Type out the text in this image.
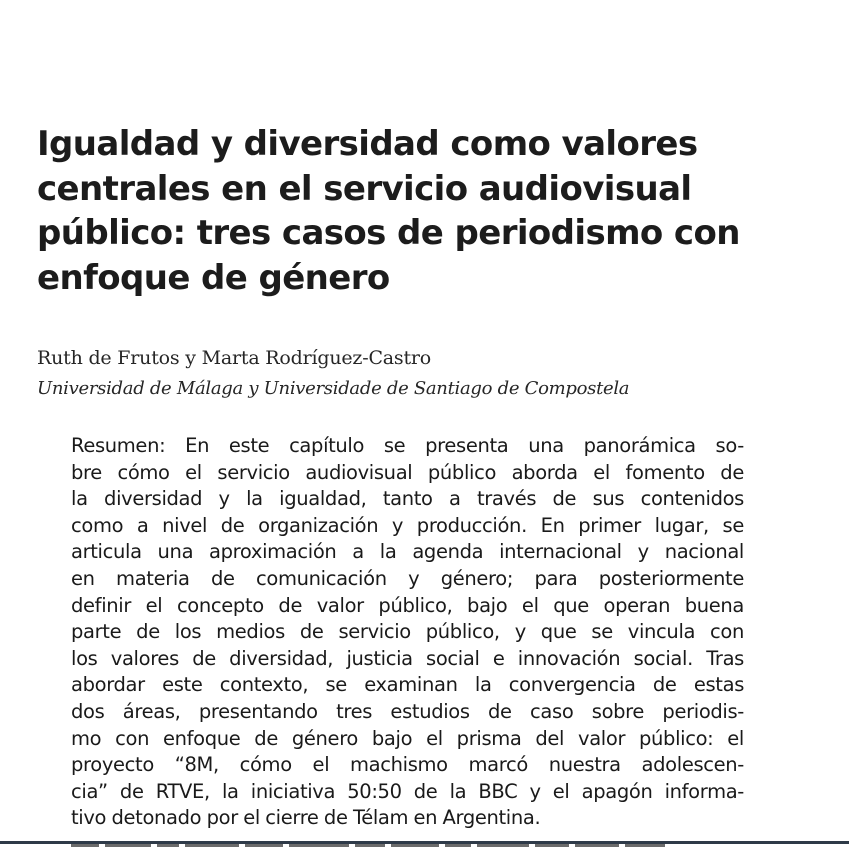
Igualdad y diversidad como valores
centrales en el servicio audiovisual
público: tres casos de periodismo con
enfoque de género

Ruth de Frutos y Marta Rodríguez-Castro

Universidad de Málaga y Universidade de Santiago de Compostela

Resumen: En este capítulo se presenta una panorámica so-
bre cómo el servicio audiovisual público aborda el fomento de
la diversidad y la igualdad, tanto a través de sus contenidos
como a nivel de organización y producción. En primer lugar, se
articula una aproximación a la agenda internacional y nacional
en materia de comunicación y género; para posteriormente
definir el concepto de valor público, bajo el que operan buena
parte de los medios de servicio público, y que se vincula con
los valores de diversidad, justicia social e innovación social. Tras
abordar este contexto, se examinan la convergencia de estas
dos áreas, presentando tres estudios de caso sobre periodis-
mo con enfoque de género bajo el prisma del valor público: el
proyecto “8M, cómo el machismo marcó nuestra adolescen-
cia” de RTVE, la iniciativa 50:50 de la BBC y el apagón informa-
tivo detonado por el cierre de Télam en Argentina.
